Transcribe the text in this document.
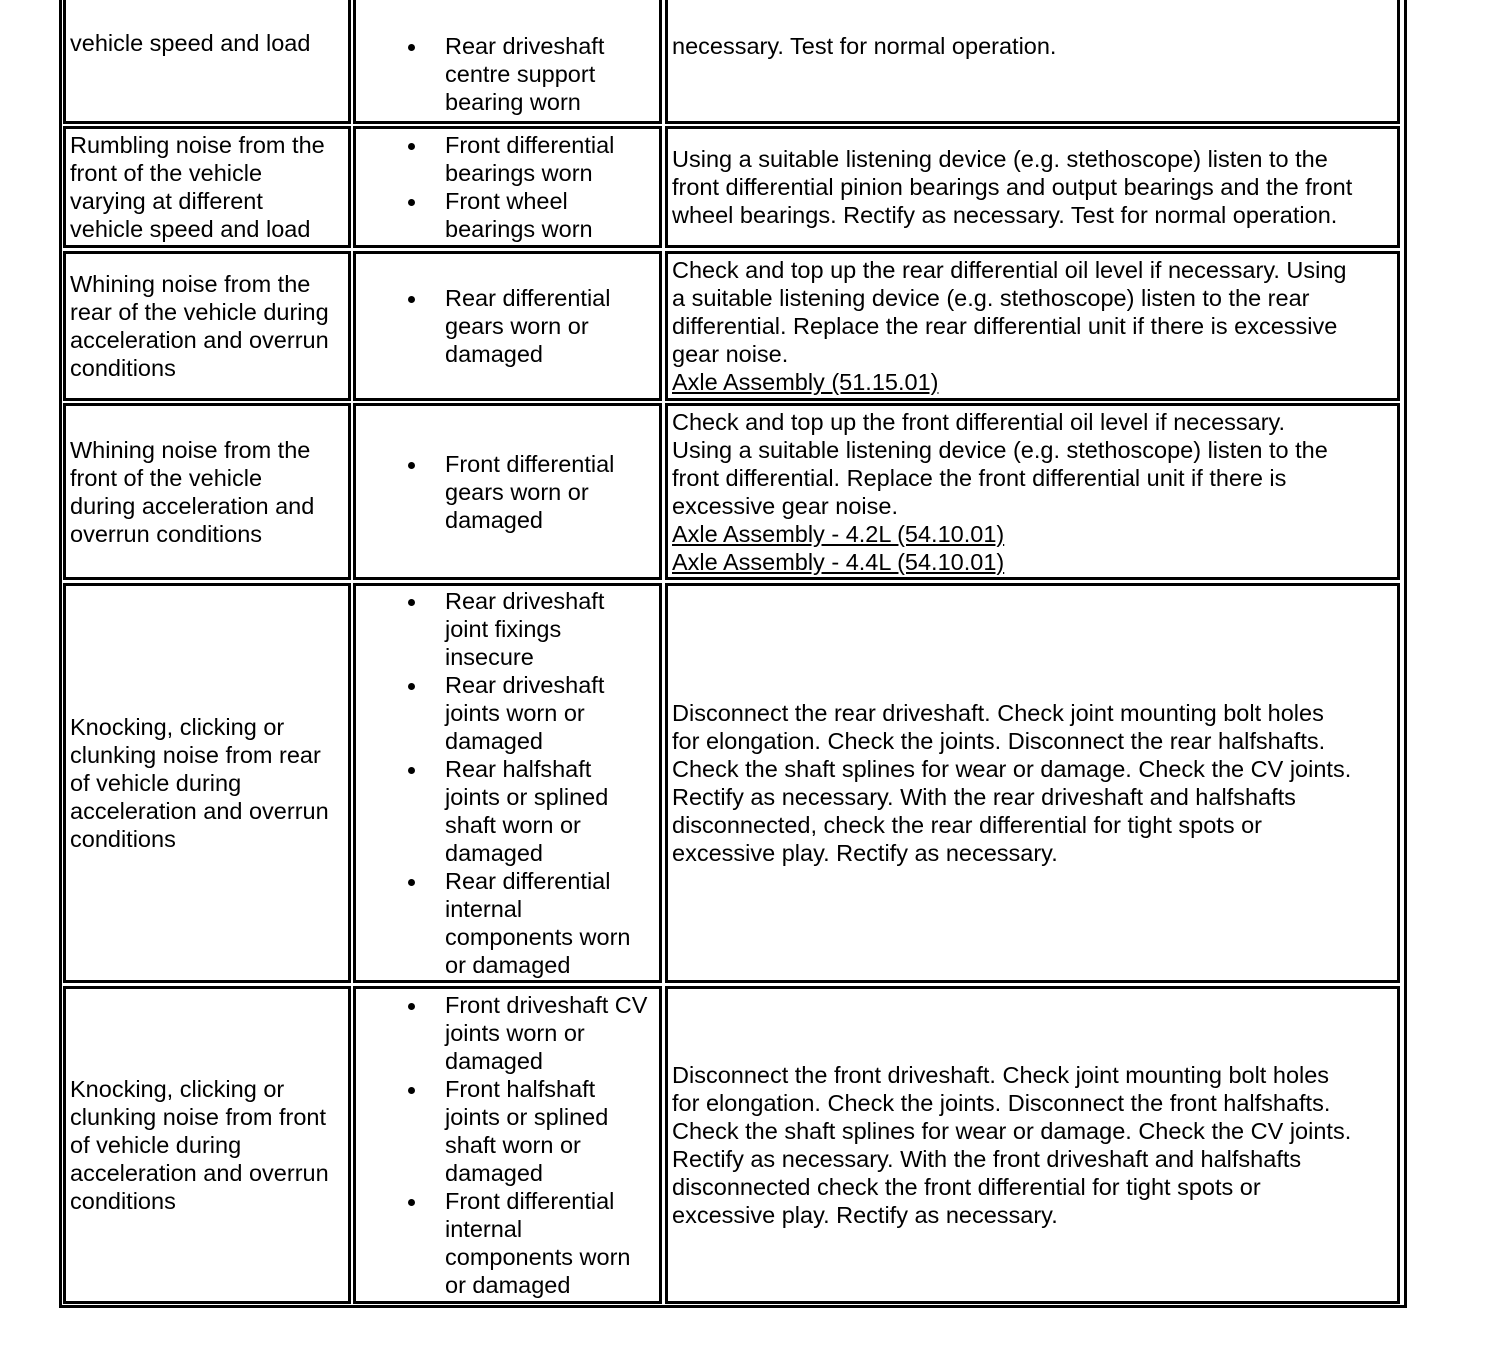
vehicle speed and load	Rear driveshaft
centre support
bearing worn
necessary. Test for normal operation.
Rumbling noise from the
front of the vehicle
varying at different
vehicle speed and load
Front differential
bearings worn
Front wheel
bearings worn
Using a suitable listening device (e.g. stethoscope) listen to the
front differential pinion bearings and output bearings and the front
wheel bearings. Rectify as necessary. Test for normal operation.
Whining noise from the
rear of the vehicle during
acceleration and overrun
conditions
Rear differential
gears worn or
damaged
Check and top up the rear differential oil level if necessary. Using
a suitable listening device (e.g. stethoscope) listen to the rear
differential. Replace the rear differential unit if there is excessive
gear noise.
Axle Assembly (51.15.01)
Whining noise from the
front of the vehicle
during acceleration and
overrun conditions
Front differential
gears worn or
damaged
Check and top up the front differential oil level if necessary.
Using a suitable listening device (e.g. stethoscope) listen to the
front differential. Replace the front differential unit if there is
excessive gear noise.
Axle Assembly - 4.2L (54.10.01)
Axle Assembly - 4.4L (54.10.01)
Knocking, clicking or
clunking noise from rear
of vehicle during
acceleration and overrun
conditions
Rear driveshaft
joint fixings
insecure
Rear driveshaft
joints worn or
damaged
Rear halfshaft
joints or splined
shaft worn or
damaged
Rear differential
internal
components worn
or damaged
Disconnect the rear driveshaft. Check joint mounting bolt holes
for elongation. Check the joints. Disconnect the rear halfshafts.
Check the shaft splines for wear or damage. Check the CV joints.
Rectify as necessary. With the rear driveshaft and halfshafts
disconnected, check the rear differential for tight spots or
excessive play. Rectify as necessary.
Knocking, clicking or
clunking noise from front
of vehicle during
acceleration and overrun
conditions
Front driveshaft CV
joints worn or
damaged
Front halfshaft
joints or splined
shaft worn or
damaged
Front differential
internal
components worn
or damaged
Disconnect the front driveshaft. Check joint mounting bolt holes
for elongation. Check the joints. Disconnect the front halfshafts.
Check the shaft splines for wear or damage. Check the CV joints.
Rectify as necessary. With the front driveshaft and halfshafts
disconnected check the front differential for tight spots or
excessive play. Rectify as necessary.
